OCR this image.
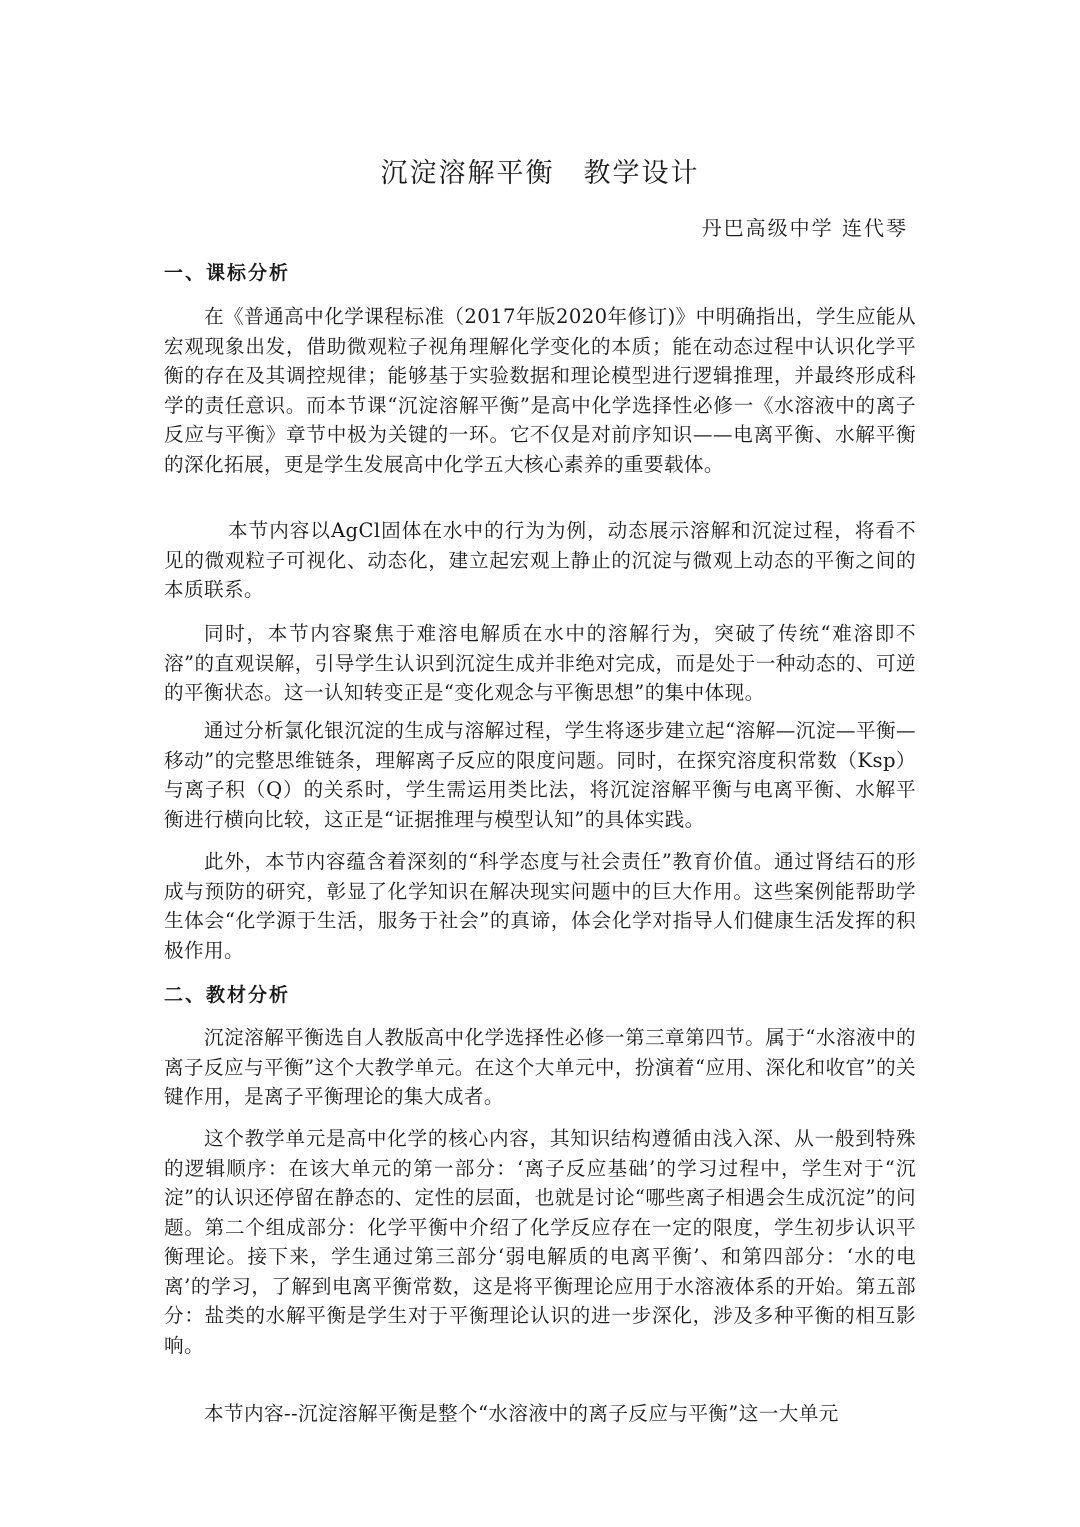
沉淀溶解平衡　教学设计
丹巴高级中学 连代琴
一、课标分析

在《普通高中化学课程标准（2017年版2020年修订)》中明确指出，学生应能从宏观现象出发，借助微观粒子视角理解化学变化的本质；能在动态过程中认识化学平衡的存在及其调控规律；能够基于实验数据和理论模型进行逻辑推理，并最终形成科学的责任意识。而本节课“沉淀溶解平衡”是高中化学选择性必修一《水溶液中的离子反应与平衡》章节中极为关键的一环。它不仅是对前序知识——电离平衡、水解平衡的深化拓展，更是学生发展高中化学五大核心素养的重要载体。

本节内容以AgCl固体在水中的行为为例，动态展示溶解和沉淀过程，将看不见的微观粒子可视化、动态化，建立起宏观上静止的沉淀与微观上动态的平衡之间的本质联系。

同时，本节内容聚焦于难溶电解质在水中的溶解行为，突破了传统“难溶即不溶”的直观误解，引导学生认识到沉淀生成并非绝对完成，而是处于一种动态的、可逆的平衡状态。这一认知转变正是“变化观念与平衡思想”的集中体现。

通过分析氯化银沉淀的生成与溶解过程，学生将逐步建立起“溶解—沉淀—平衡—移动”的完整思维链条，理解离子反应的限度问题。同时，在探究溶度积常数（Ksp）与离子积（Q）的关系时，学生需运用类比法，将沉淀溶解平衡与电离平衡、水解平衡进行横向比较，这正是“证据推理与模型认知”的具体实践。

此外，本节内容蕴含着深刻的“科学态度与社会责任”教育价值。通过肾结石的形成与预防的研究，彰显了化学知识在解决现实问题中的巨大作用。这些案例能帮助学生体会“化学源于生活，服务于社会”的真谛，体会化学对指导人们健康生活发挥的积极作用。

二、教材分析

沉淀溶解平衡选自人教版高中化学选择性必修一第三章第四节。属于“水溶液中的离子反应与平衡”这个大教学单元。在这个大单元中，扮演着“应用、深化和收官”的关键作用，是离子平衡理论的集大成者。

这个教学单元是高中化学的核心内容，其知识结构遵循由浅入深、从一般到特殊的逻辑顺序：在该大单元的第一部分：‘离子反应基础’的学习过程中，学生对于“沉淀”的认识还停留在静态的、定性的层面，也就是讨论“哪些离子相遇会生成沉淀”的问题。第二个组成部分：化学平衡中介绍了化学反应存在一定的限度，学生初步认识平衡理论。接下来，学生通过第三部分‘弱电解质的电离平衡’、和第四部分：‘水的电离’的学习，了解到电离平衡常数，这是将平衡理论应用于水溶液体系的开始。第五部分：盐类的水解平衡是学生对于平衡理论认识的进一步深化，涉及多种平衡的相互影响。

本节内容--沉淀溶解平衡是整个“水溶液中的离子反应与平衡”这一大单元
